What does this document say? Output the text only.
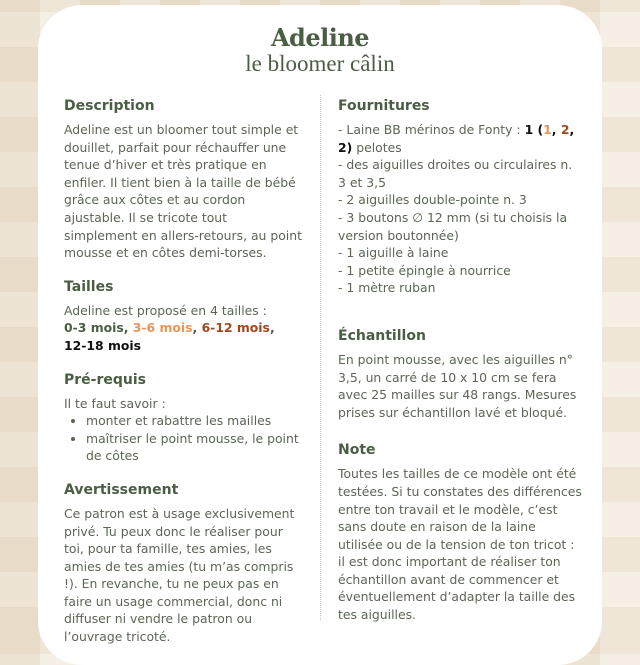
Adeline
le bloomer câlin
Description

Adeline est un bloomer tout simple et douillet, parfait pour réchauffer une tenue d’hiver et très pratique en enfiler. Il tient bien à la taille de bébé grâce aux côtes et au cordon ajustable. Il se tricote tout simplement en allers-retours, au point mousse et en côtes demi-torses.

Tailles

Adeline est proposé en 4 tailles :

0-3 mois, 3-6 mois, 6-12 mois,
12-18 mois

Pré-requis

Il te faut savoir :

• monter et rabattre les mailles
• maîtriser le point mousse, le point de côtes
Avertissement

Ce patron est à usage exclusivement privé. Tu peux donc le réaliser pour toi, pour ta famille, tes amies, les amies de tes amies (tu m’as compris !). En revanche, tu ne peux pas en faire un usage commercial, donc ni diffuser ni vendre le patron ou l’ouvrage tricoté.

Fournitures

- Laine BB mérinos de Fonty : 1 (1, 2, 2) pelotes

- des aiguilles droites ou circulaires n. 3 et 3,5

- 2 aiguilles double-pointe n. 3

- 3 boutons ∅ 12 mm (si tu choisis la version boutonnée)

- 1 aiguille à laine

- 1 petite épingle à nourrice

- 1 mètre ruban

Échantillon

En point mousse, avec les aiguilles n° 3,5, un carré de 10 x 10 cm se fera avec 25 mailles sur 48 rangs. Mesures prises sur échantillon lavé et bloqué.

Note

Toutes les tailles de ce modèle ont été testées. Si tu constates des différences entre ton travail et le modèle, c’est sans doute en raison de la laine utilisée ou de la tension de ton tricot : il est donc important de réaliser ton échantillon avant de commencer et éventuellement d’adapter la taille des tes aiguilles.
